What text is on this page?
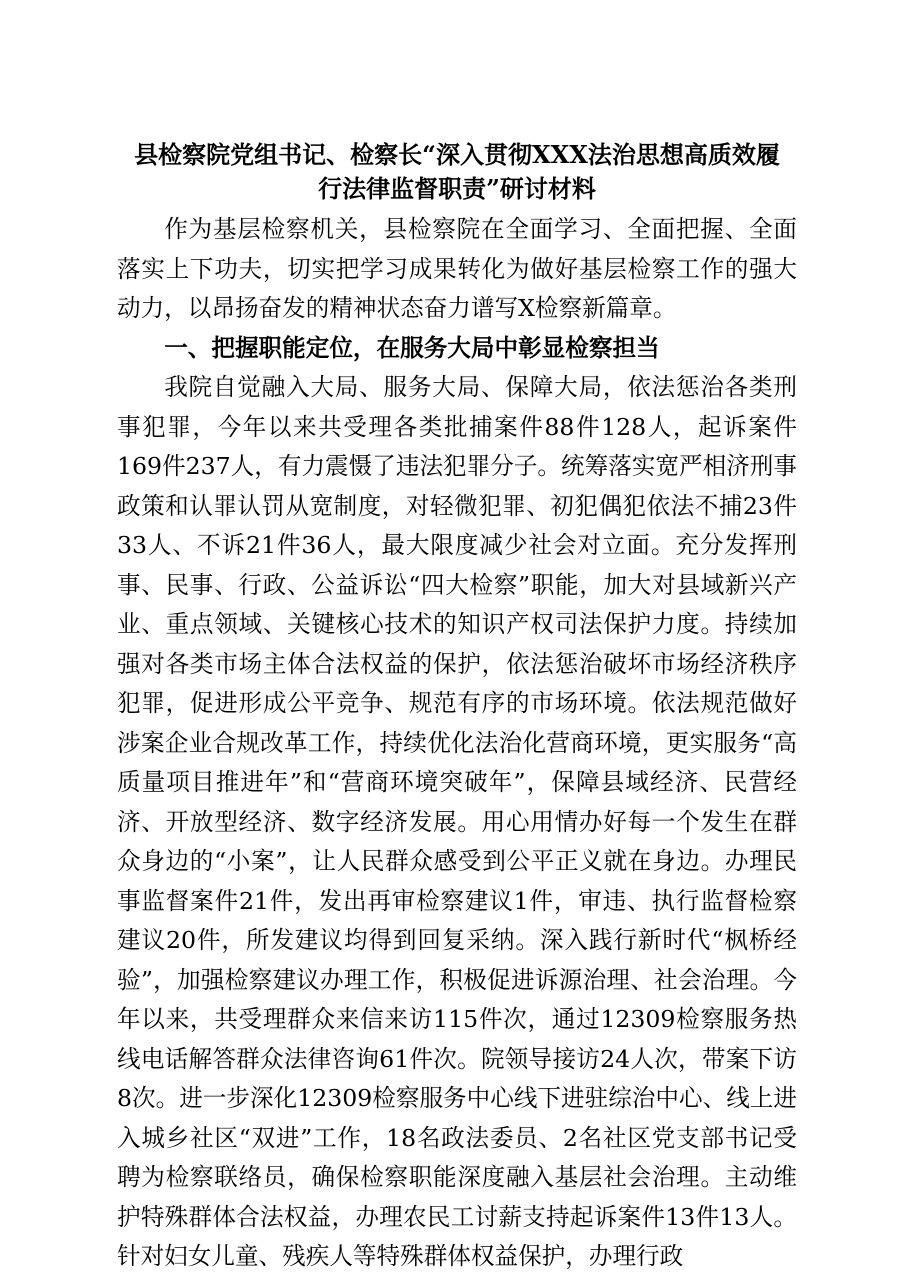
县检察院党组书记、检察长“深入贯彻XXX法治思想高质效履
行法律监督职责”研讨材料

作为基层检察机关，县检察院在全面学习、全面把握、全面落实上下功夫，切实把学习成果转化为做好基层检察工作的强大动力，以昂扬奋发的精神状态奋力谱写X检察新篇章。

一、把握职能定位，在服务大局中彰显检察担当

我院自觉融入大局、服务大局、保障大局，依法惩治各类刑事犯罪，今年以来共受理各类批捕案件88件128人，起诉案件169件237人，有力震慑了违法犯罪分子。统筹落实宽严相济刑事政策和认罪认罚从宽制度，对轻微犯罪、初犯偶犯依法不捕23件33人、不诉21件36人，最大限度减少社会对立面。充分发挥刑事、民事、行政、公益诉讼“四大检察”职能，加大对县域新兴产业、重点领域、关键核心技术的知识产权司法保护力度。持续加强对各类市场主体合法权益的保护，依法惩治破坏市场经济秩序犯罪，促进形成公平竞争、规范有序的市场环境。依法规范做好涉案企业合规改革工作，持续优化法治化营商环境，更实服务“高质量项目推进年”和“营商环境突破年”，保障县域经济、民营经济、开放型经济、数字经济发展。用心用情办好每一个发生在群众身边的“小案”，让人民群众感受到公平正义就在身边。办理民事监督案件21件，发出再审检察建议1件，审违、执行监督检察建议20件，所发建议均得到回复采纳。深入践行新时代“枫桥经验”，加强检察建议办理工作，积极促进诉源治理、社会治理。今年以来，共受理群众来信来访115件次，通过12309检察服务热线电话解答群众法律咨询61件次。院领导接访24人次，带案下访8次。进一步深化12309检察服务中心线下进驻综治中心、线上进入城乡社区“双进”工作，18名政法委员、2名社区党支部书记受聘为检察联络员，确保检察职能深度融入基层社会治理。主动维护特殊群体合法权益，办理农民工讨薪支持起诉案件13件13人。针对妇女儿童、残疾人等特殊群体权益保护，办理行政
